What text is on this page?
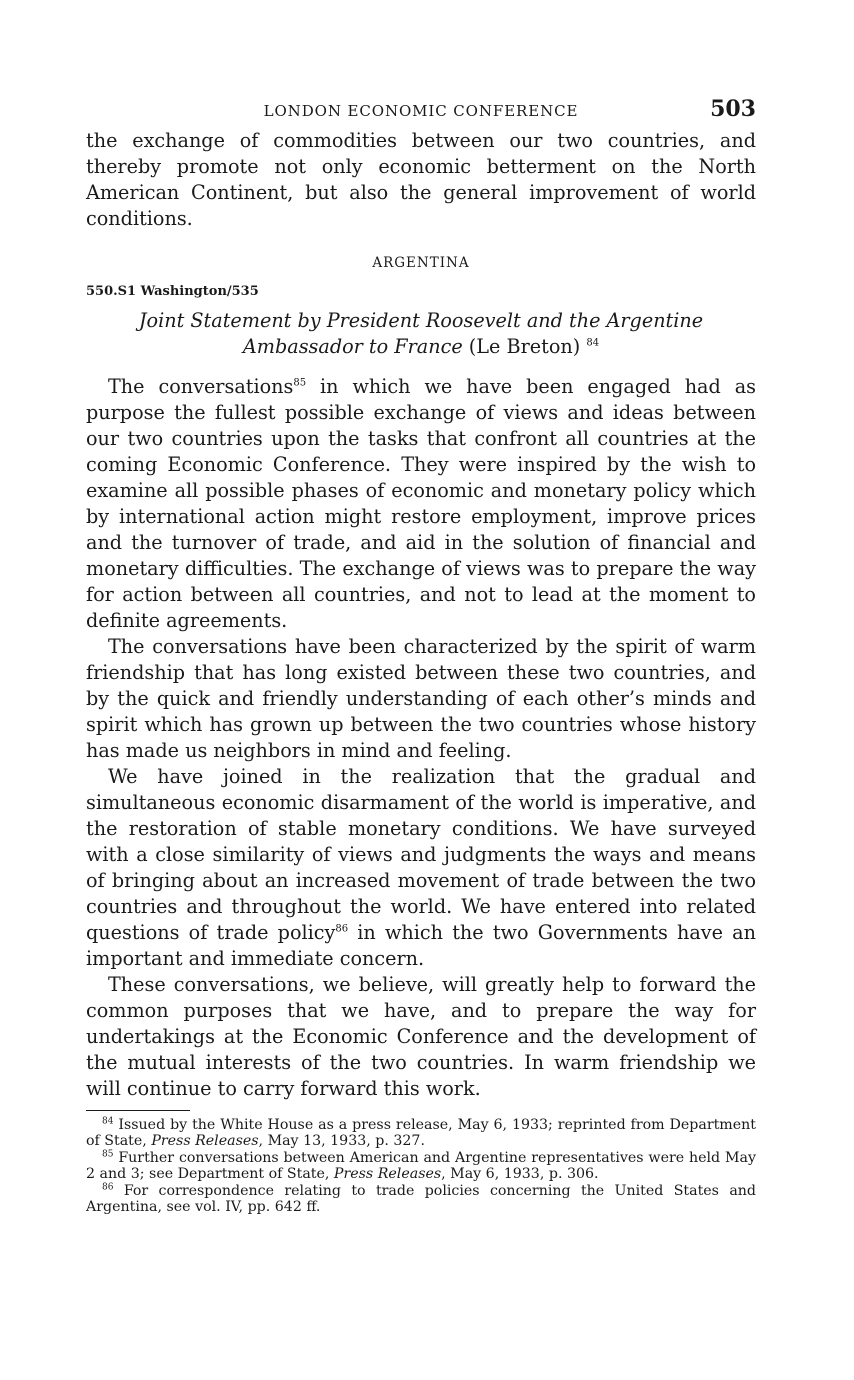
LONDON ECONOMIC CONFERENCE	503

the exchange of commodities between our two countries, and thereby promote not only economic betterment on the North American Continent, but also the general improvement of world conditions.

ARGENTINA
550.S1 Washington/535
Joint Statement by President Roosevelt and the Argentine Ambassador to France (Le Breton) $^{84}$

The conversations$^{85}$ in which we have been engaged had as purpose the fullest possible exchange of views and ideas between our two countries upon the tasks that confront all countries at the coming Economic Conference. They were inspired by the wish to examine all possible phases of economic and monetary policy which by international action might restore employment, improve prices and the turnover of trade, and aid in the solution of financial and monetary difficulties. The exchange of views was to prepare the way for action between all countries, and not to lead at the moment to definite agreements.

The conversations have been characterized by the spirit of warm friendship that has long existed between these two countries, and by the quick and friendly understanding of each other’s minds and spirit which has grown up between the two countries whose history has made us neighbors in mind and feeling.

We have joined in the realization that the gradual and simultaneous economic disarmament of the world is imperative, and the restoration of stable monetary conditions. We have surveyed with a close similarity of views and judgments the ways and means of bringing about an increased movement of trade between the two countries and throughout the world. We have entered into related questions of trade policy$^{86}$ in which the two Governments have an important and immediate concern.

These conversations, we believe, will greatly help to forward the common purposes that we have, and to prepare the way for undertakings at the Economic Conference and the development of the mutual interests of the two countries. In warm friendship we will continue to carry forward this work.

$^{84}$ Issued by the White House as a press release, May 6, 1933; reprinted from Department of State, Press Releases, May 13, 1933, p. 327.

$^{85}$ Further conversations between American and Argentine representatives were held May 2 and 3; see Department of State, Press Releases, May 6, 1933, p. 306.

$^{86}$ For correspondence relating to trade policies concerning the United States and Argentina, see vol. IV, pp. 642 ff.
